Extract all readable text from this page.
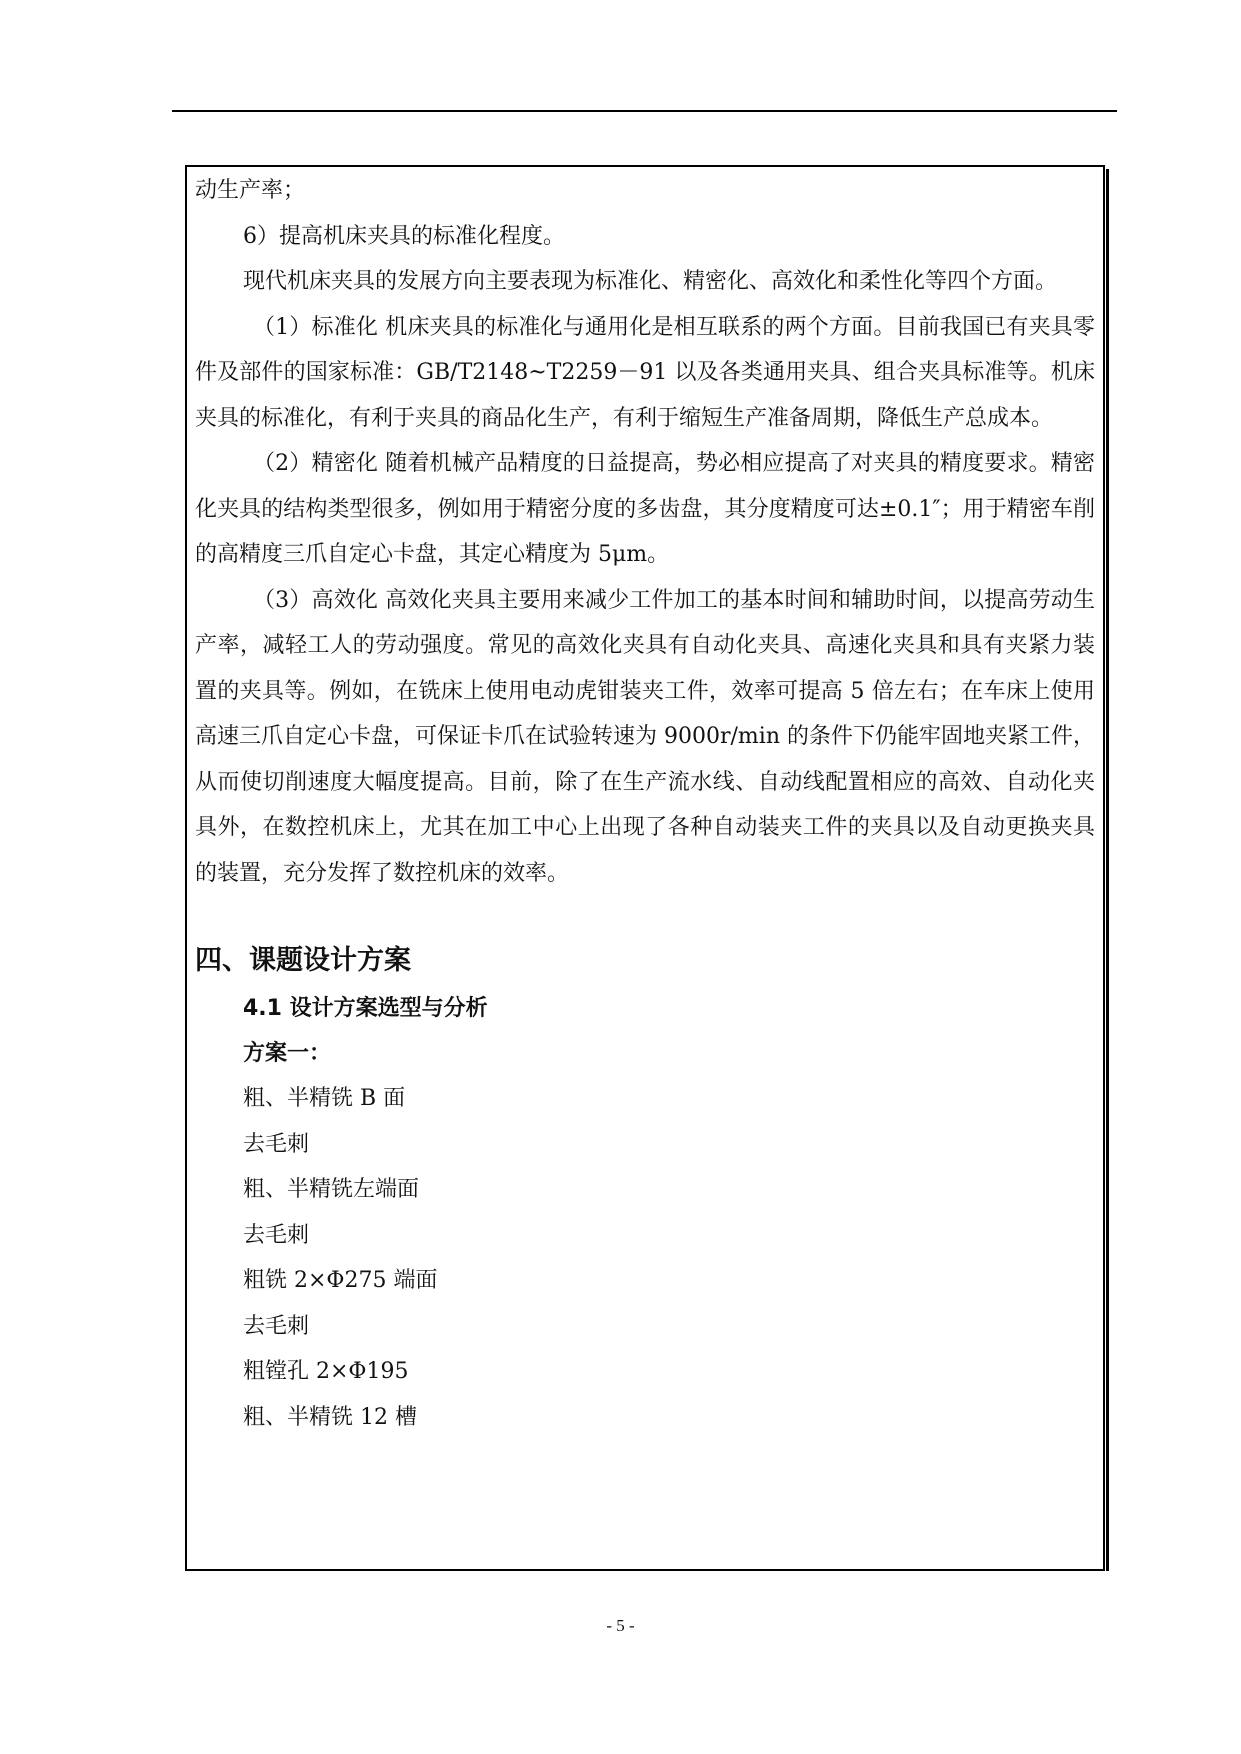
动生产率；

6）提高机床夹具的标准化程度。

现代机床夹具的发展方向主要表现为标准化、精密化、高效化和柔性化等四个方面。

（1）标准化 机床夹具的标准化与通用化是相互联系的两个方面。目前我国已有夹具零件及部件的国家标准：GB/T2148~T2259－91 以及各类通用夹具、组合夹具标准等。机床夹具的标准化，有利于夹具的商品化生产，有利于缩短生产准备周期，降低生产总成本。

（2）精密化 随着机械产品精度的日益提高，势必相应提高了对夹具的精度要求。精密化夹具的结构类型很多，例如用于精密分度的多齿盘，其分度精度可达±0.1″；用于精密车削的高精度三爪自定心卡盘，其定心精度为 5μm。

（3）高效化 高效化夹具主要用来减少工件加工的基本时间和辅助时间，以提高劳动生产率，减轻工人的劳动强度。常见的高效化夹具有自动化夹具、高速化夹具和具有夹紧力装置的夹具等。例如，在铣床上使用电动虎钳装夹工件，效率可提高 5 倍左右；在车床上使用高速三爪自定心卡盘，可保证卡爪在试验转速为 9000r/min 的条件下仍能牢固地夹紧工件，从而使切削速度大幅度提高。目前，除了在生产流水线、自动线配置相应的高效、自动化夹具外，在数控机床上，尤其在加工中心上出现了各种自动装夹工件的夹具以及自动更换夹具的装置，充分发挥了数控机床的效率。

四、课题设计方案

4.1 设计方案选型与分析

方案一：

粗、半精铣 B 面

去毛刺

粗、半精铣左端面

去毛刺

粗铣 2×Φ275 端面

去毛刺

粗镗孔 2×Φ195

粗、半精铣 12 槽

- 5 -
